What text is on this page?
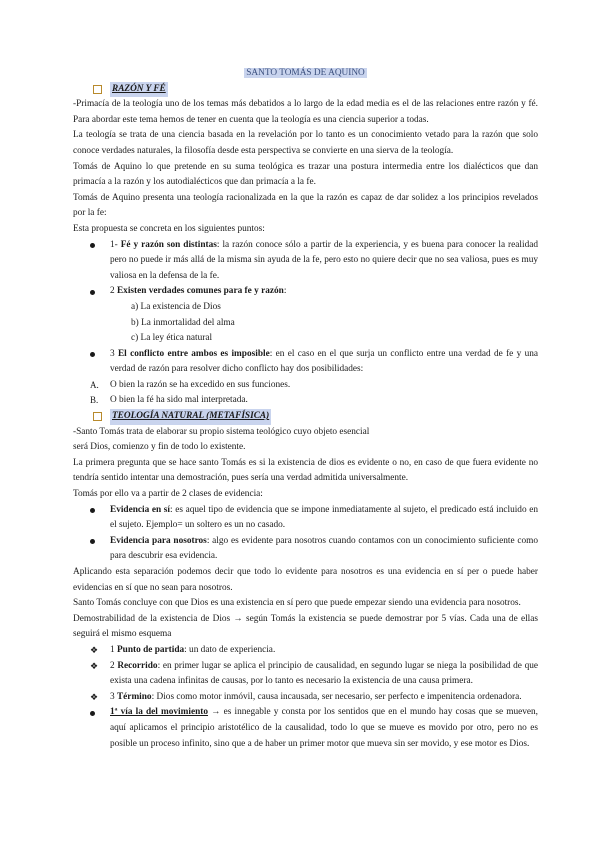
SANTO TOMÁS DE AQUINO
RAZÓN Y FÉ

-Primacía de la teología uno de los temas más debatidos a lo largo de la edad media es el de las relaciones entre razón y fé. Para abordar este tema hemos de tener en cuenta que la teología es una ciencia superior a todas.

La teología se trata de una ciencia basada en la revelación por lo tanto es un conocimiento vetado para la razón que solo conoce verdades naturales, la filosofía desde esta perspectiva se convierte en una sierva de la teología.

Tomás de Aquino lo que pretende en su suma teológica es trazar una postura intermedia entre los dialécticos que dan primacía a la razón y los autodialécticos que dan primacía a la fe.

Tomás de Aquino presenta una teología racionalizada en la que la razón es capaz de dar solidez a los principios revelados por la fe:

Esta propuesta se concreta en los siguientes puntos:

1- Fé y razón son distintas: la razón conoce sólo a partir de la experiencia, y es buena para conocer la realidad pero no puede ir más allá de la misma sin ayuda de la fe, pero esto no quiere decir que no sea valiosa, pues es muy valiosa en la defensa de la fe.
2 Existen verdades comunes para fe y razón:
a) La existencia de Dios
b) La inmortalidad del alma
c) La ley ética natural
3 El conflicto entre ambos es imposible: en el caso en el que surja un conflicto entre una verdad de fe y una verdad de razón para resolver dicho conflicto hay dos posibilidades:
A.	O bien la razón se ha excedido en sus funciones.
B.	O bien la fé ha sido mal interpretada.
TEOLOGÍA NATURAL (METAFÍSICA)

-Santo Tomás trata de elaborar su propio sistema teológico cuyo objeto esencial

será Dios, comienzo y fin de todo lo existente.

La primera pregunta que se hace santo Tomás es si la existencia de dios es evidente o no, en caso de que fuera evidente no tendría sentido intentar una demostración, pues sería una verdad admitida universalmente.

Tomás por ello va a partir de 2 clases de evidencia:

Evidencia en sí: es aquel tipo de evidencia que se impone inmediatamente al sujeto, el predicado está incluido en el sujeto. Ejemplo= un soltero es un no casado.
Evidencia para nosotros: algo es evidente para nosotros cuando contamos con un conocimiento suficiente como para descubrir esa evidencia.

Aplicando esta separación podemos decir que todo lo evidente para nosotros es una evidencia en sí per o puede haber evidencias en sí que no sean para nosotros.

Santo Tomás concluye con que Dios es una existencia en sí pero que puede empezar siendo una evidencia para nosotros.

Demostrabilidad de la existencia de Dios → según Tomás la existencia se puede demostrar por 5 vías. Cada una de ellas seguirá el mismo esquema

❖	1 Punto de partida: un dato de experiencia.
❖	2 Recorrido: en primer lugar se aplica el principio de causalidad, en segundo lugar se niega la posibilidad de que exista una cadena infinitas de causas, por lo tanto es necesario la existencia de una causa primera.
❖	3 Término: Dios como motor inmóvil, causa incausada, ser necesario, ser perfecto e impenitencia ordenadora.
1ª vía la del movimiento → es innegable y consta por los sentidos que en el mundo hay cosas que se mueven, aquí aplicamos el principio aristotélico de la causalidad, todo lo que se mueve es movido por otro, pero no es posible un proceso infinito, sino que a de haber un primer motor que mueva sin ser movido, y ese motor es Dios.
